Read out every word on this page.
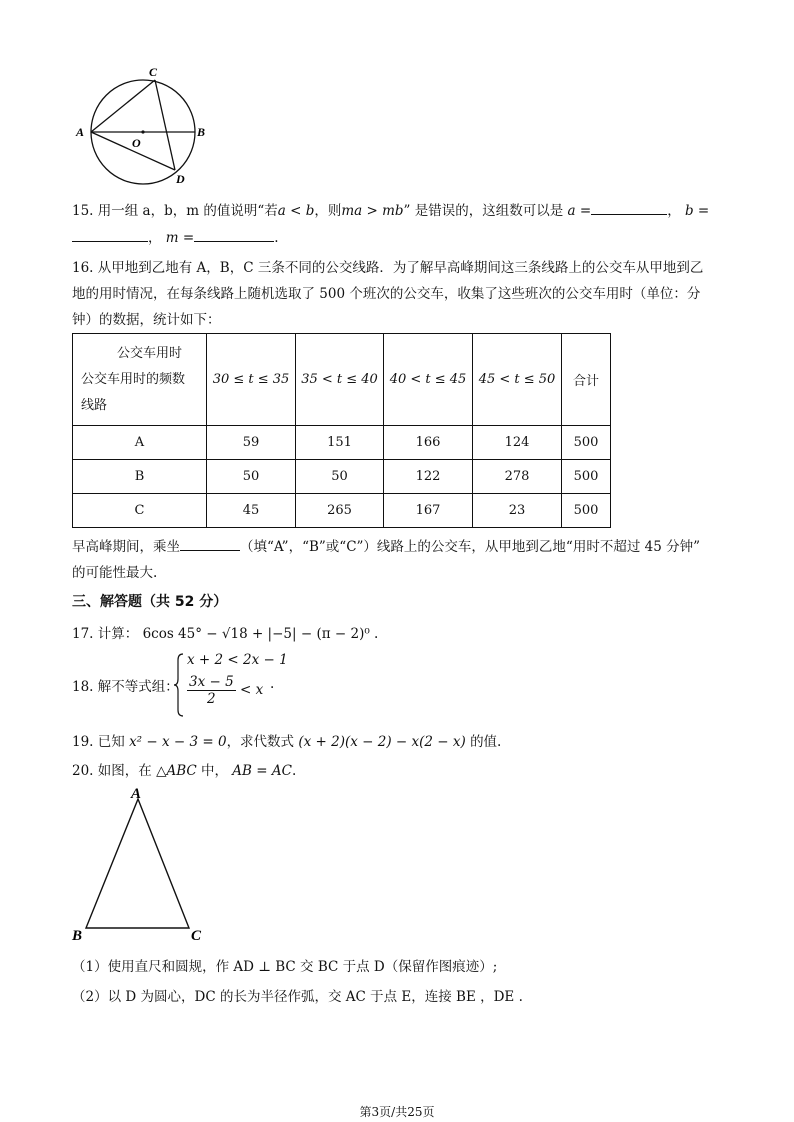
A	B
C
D
O
15. 用一组 a，b，m 的值说明“若a < b，则ma > mb” 是错误的，这组数可以是 a =	， b =
， m =	.
16. 从甲地到乙地有 A，B，C 三条不同的公交线路．为了解早高峰期间这三条线路上的公交车从甲地到乙
地的用时情况，在每条线路上随机选取了 500 个班次的公交车，收集了这些班次的公交车用时（单位：分
钟）的数据，统计如下：
公交车用时
公交车用时的频数
线路	30 ≤ t ≤ 35	35 < t ≤ 40	40 < t ≤ 45	45 < t ≤ 50	合计
A	59	151	166	124	500
B	50	50	122	278	500
C	45	265	167	23	500
早高峰期间，乘坐	（填“A”，“B”或“C”）线路上的公交车，从甲地到乙地“用时不超过 45 分钟”
的可能性最大.
三、解答题（共 52 分）
17. 计算： 6cos 45° − √18 + |−5| − (π − 2)⁰ .
18. 解不等式组：
x + 2 < 2x − 1
$\frac{3x - 5}{2} < x$ .
19. 已知 x² − x − 3 = 0，求代数式 (x + 2)(x − 2) − x(2 − x) 的值.
20. 如图，在 △ABC 中， AB = AC.
A
B	C
（1）使用直尺和圆规，作 AD ⊥ BC 交 BC 于点 D（保留作图痕迹）;
（2）以 D 为圆心，DC 的长为半径作弧，交 AC 于点 E，连接 BE ，DE .
第3页/共25页
